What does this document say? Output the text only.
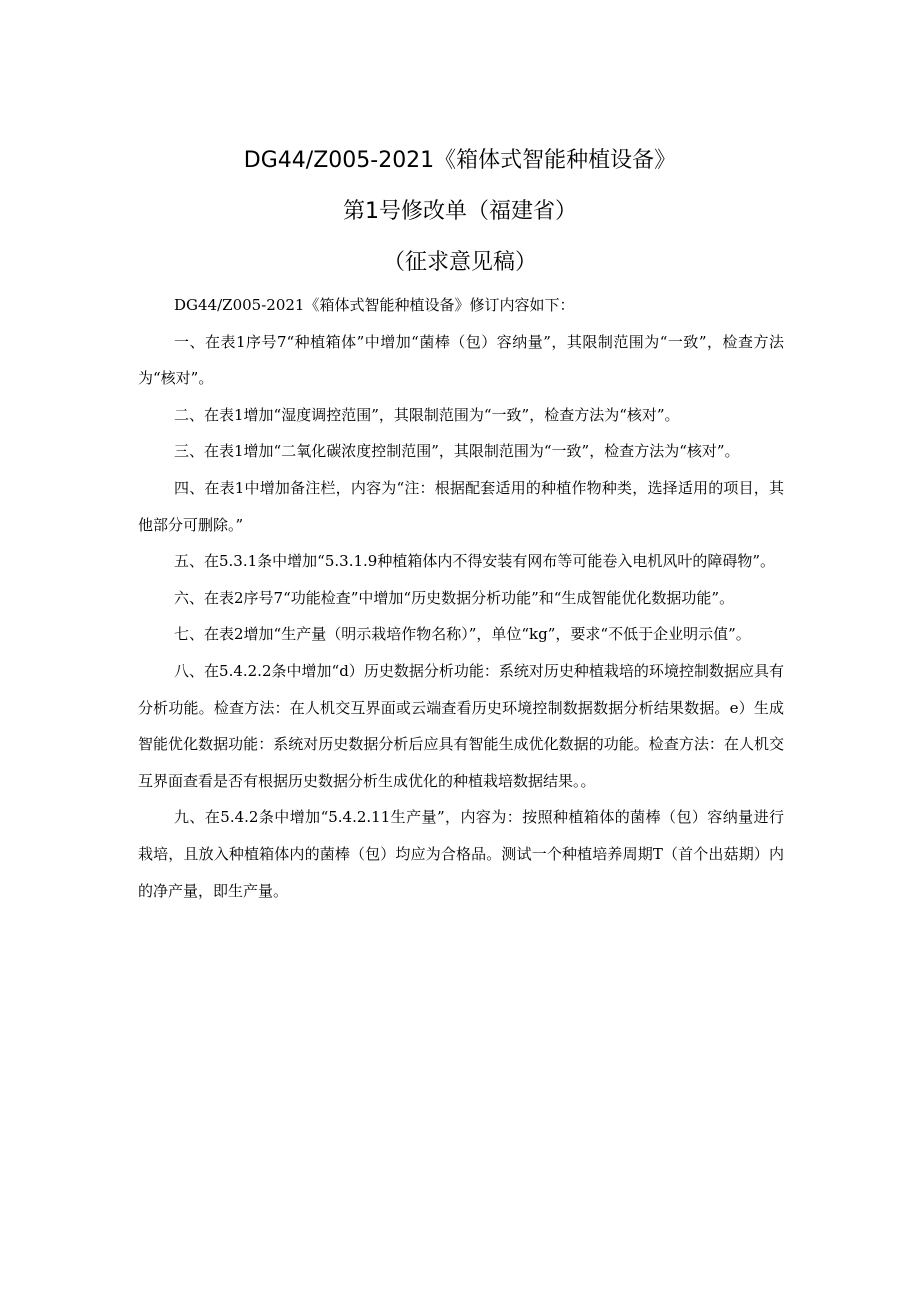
DG44/Z005-2021《箱体式智能种植设备》
第1号修改单（福建省）
（征求意见稿）

DG44/Z005-2021《箱体式智能种植设备》修订内容如下：

一、在表1序号7“种植箱体”中增加“菌棒（包）容纳量”，其限制范围为“一致”，检查方法为“核对”。

二、在表1增加“湿度调控范围”，其限制范围为“一致”，检查方法为“核对”。

三、在表1增加“二氧化碳浓度控制范围”，其限制范围为“一致”，检查方法为“核对”。

四、在表1中增加备注栏，内容为“注：根据配套适用的种植作物种类，选择适用的项目，其他部分可删除。”

五、在5.3.1条中增加“5.3.1.9种植箱体内不得安装有网布等可能卷入电机风叶的障碍物”。

六、在表2序号7“功能检查”中增加“历史数据分析功能”和“生成智能优化数据功能”。

七、在表2增加“生产量（明示栽培作物名称）”，单位“kg”，要求“不低于企业明示值”。

八、在5.4.2.2条中增加“d）历史数据分析功能：系统对历史种植栽培的环境控制数据应具有分析功能。检查方法：在人机交互界面或云端查看历史环境控制数据数据分析结果数据。e）生成智能优化数据功能：系统对历史数据分析后应具有智能生成优化数据的功能。检查方法：在人机交互界面查看是否有根据历史数据分析生成优化的种植栽培数据结果。。

九、在5.4.2条中增加“5.4.2.11生产量”，内容为：按照种植箱体的菌棒（包）容纳量进行栽培，且放入种植箱体内的菌棒（包）均应为合格品。测试一个种植培养周期T（首个出菇期）内的净产量，即生产量。
